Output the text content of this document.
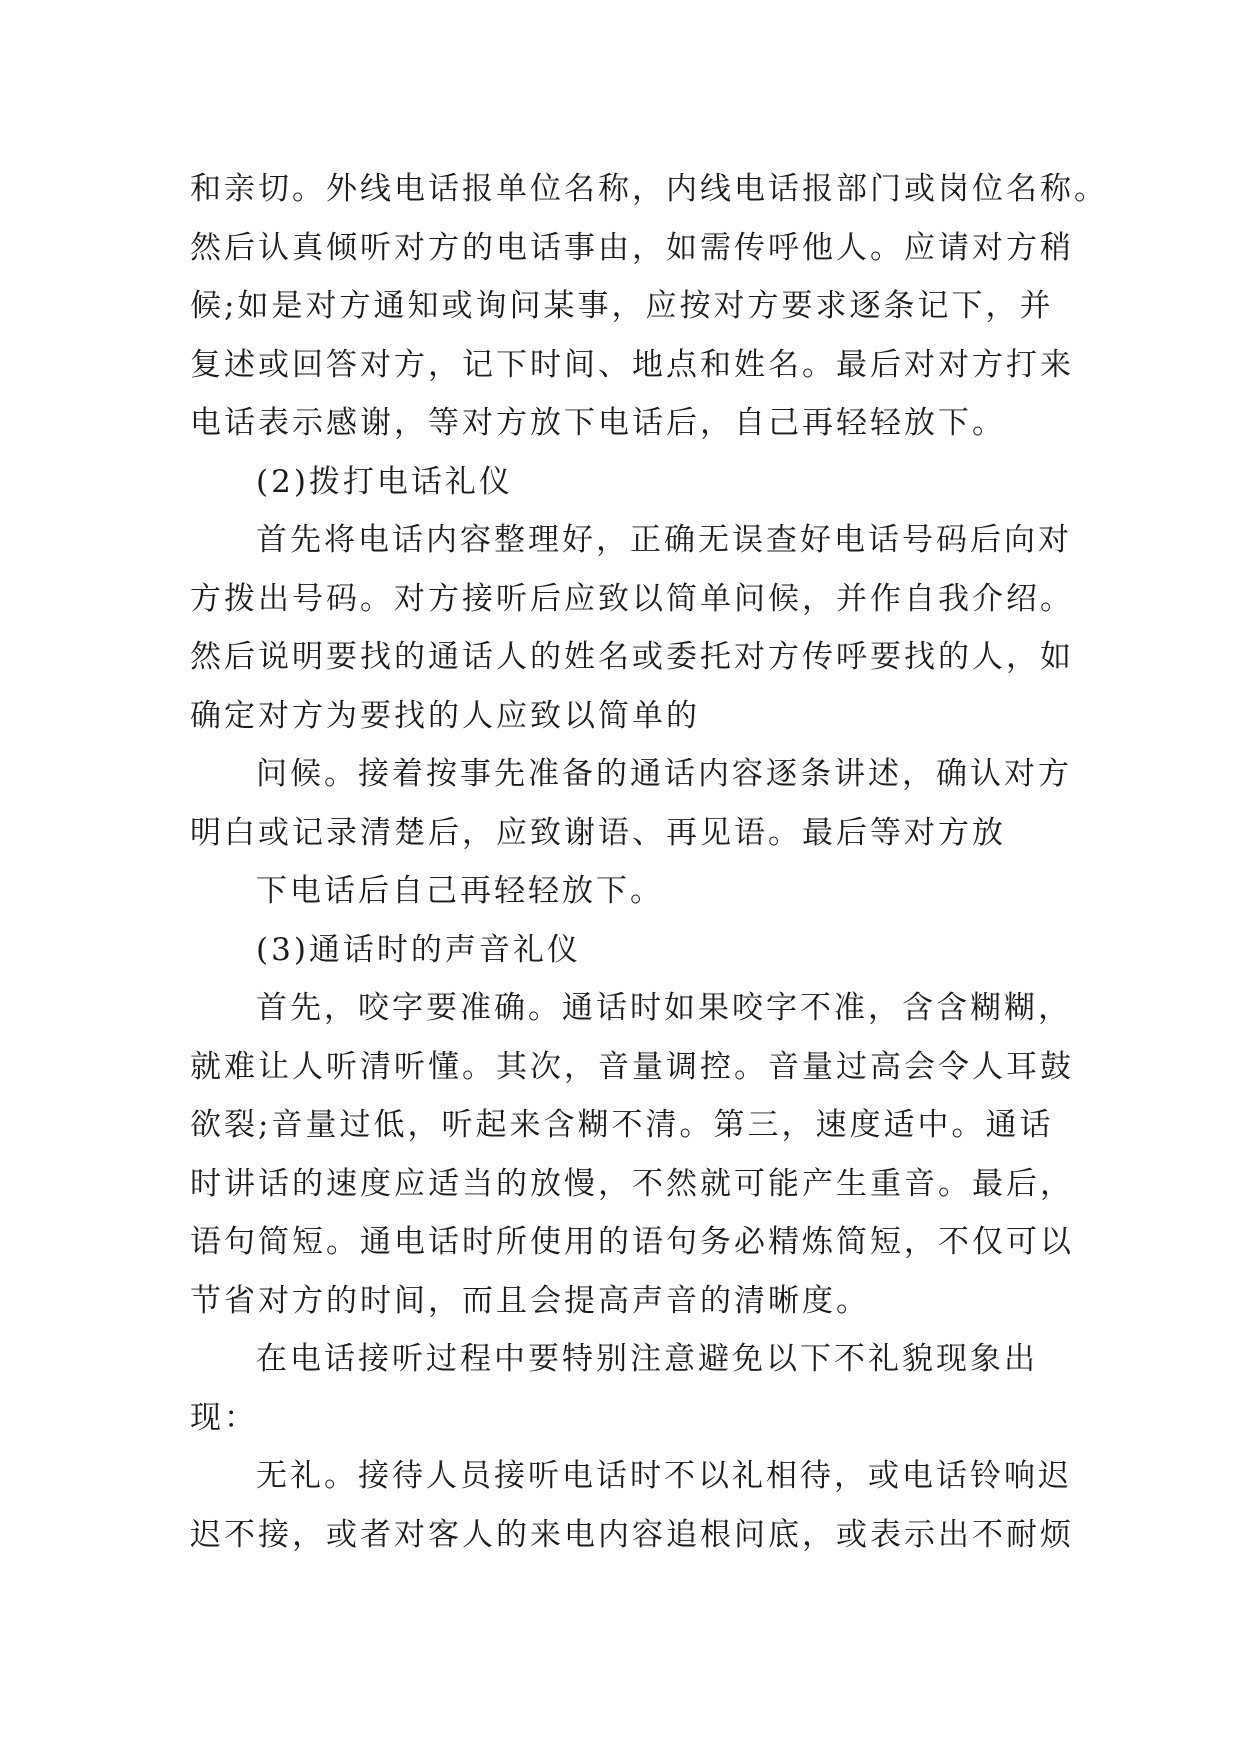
和亲切。外线电话报单位名称，内线电话报部门或岗位名称。
然后认真倾听对方的电话事由，如需传呼他人。应请对方稍
候;如是对方通知或询问某事，应按对方要求逐条记下，并
复述或回答对方，记下时间、地点和姓名。最后对对方打来
电话表示感谢，等对方放下电话后，自己再轻轻放下。
(2)拨打电话礼仪
首先将电话内容整理好，正确无误查好电话号码后向对
方拨出号码。对方接听后应致以简单问候，并作自我介绍。
然后说明要找的通话人的姓名或委托对方传呼要找的人，如
确定对方为要找的人应致以简单的
问候。接着按事先准备的通话内容逐条讲述，确认对方
明白或记录清楚后，应致谢语、再见语。最后等对方放
下电话后自己再轻轻放下。
(3)通话时的声音礼仪
首先，咬字要准确。通话时如果咬字不准，含含糊糊，
就难让人听清听懂。其次，音量调控。音量过高会令人耳鼓
欲裂;音量过低，听起来含糊不清。第三，速度适中。通话
时讲话的速度应适当的放慢，不然就可能产生重音。最后，
语句简短。通电话时所使用的语句务必精炼简短，不仅可以
节省对方的时间，而且会提高声音的清晰度。
在电话接听过程中要特别注意避免以下不礼貌现象出
现：
无礼。接待人员接听电话时不以礼相待，或电话铃响迟
迟不接，或者对客人的来电内容追根问底，或表示出不耐烦
